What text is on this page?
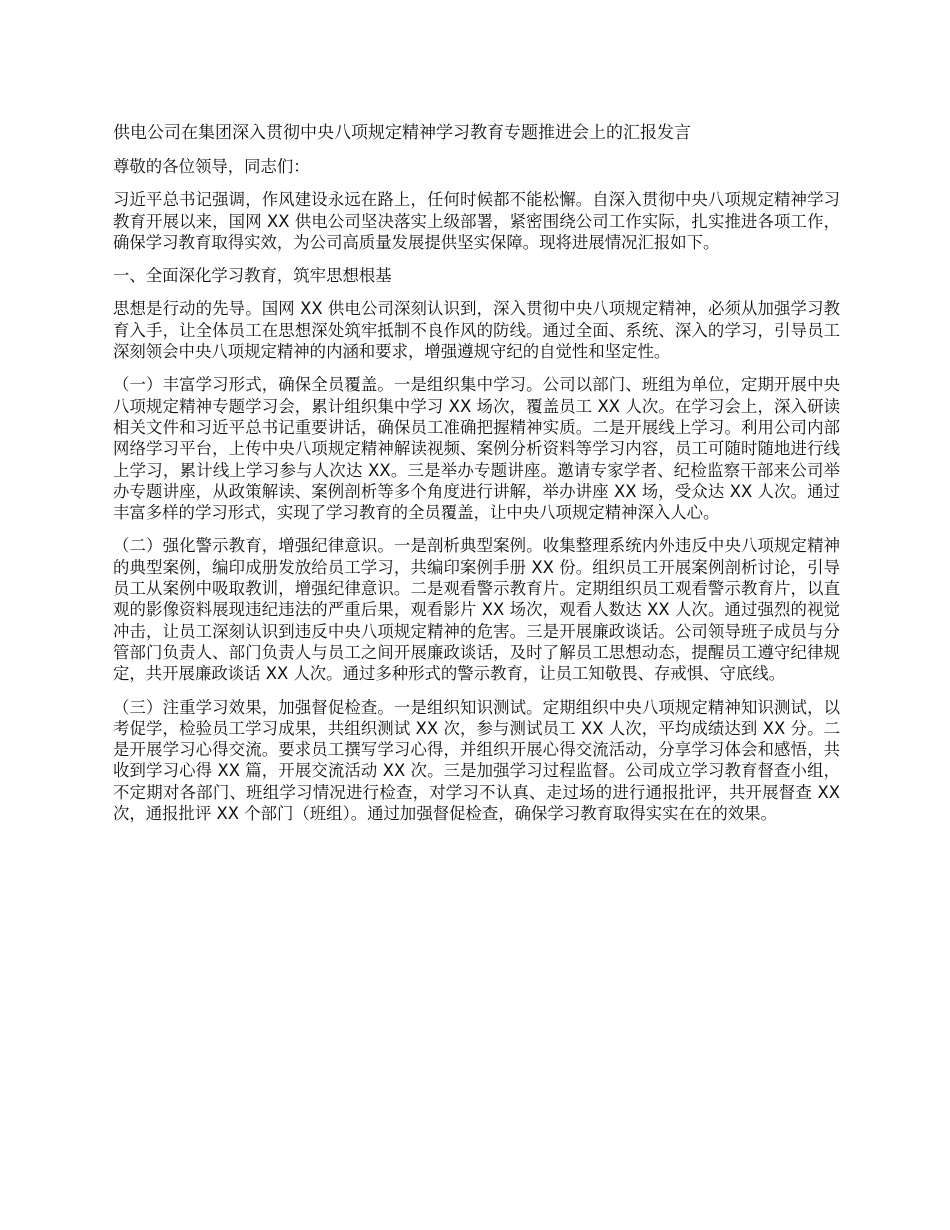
供电公司在集团深入贯彻中央八项规定精神学习教育专题推进会上的汇报发言

尊敬的各位领导，同志们：

习近平总书记强调，作风建设永远在路上，任何时候都不能松懈。自深入贯彻中央八项规定精神学习教育开展以来，国网 XX 供电公司坚决落实上级部署，紧密围绕公司工作实际，扎实推进各项工作，确保学习教育取得实效，为公司高质量发展提供坚实保障。现将进展情况汇报如下。

一、全面深化学习教育，筑牢思想根基

思想是行动的先导。国网 XX 供电公司深刻认识到，深入贯彻中央八项规定精神，必须从加强学习教育入手，让全体员工在思想深处筑牢抵制不良作风的防线。通过全面、系统、深入的学习，引导员工深刻领会中央八项规定精神的内涵和要求，增强遵规守纪的自觉性和坚定性。

（一）丰富学习形式，确保全员覆盖。一是组织集中学习。公司以部门、班组为单位，定期开展中央八项规定精神专题学习会，累计组织集中学习 XX 场次，覆盖员工 XX 人次。在学习会上，深入研读相关文件和习近平总书记重要讲话，确保员工准确把握精神实质。二是开展线上学习。利用公司内部网络学习平台，上传中央八项规定精神解读视频、案例分析资料等学习内容，员工可随时随地进行线上学习，累计线上学习参与人次达 XX。三是举办专题讲座。邀请专家学者、纪检监察干部来公司举办专题讲座，从政策解读、案例剖析等多个角度进行讲解，举办讲座 XX 场，受众达 XX 人次。通过丰富多样的学习形式，实现了学习教育的全员覆盖，让中央八项规定精神深入人心。

（二）强化警示教育，增强纪律意识。一是剖析典型案例。收集整理系统内外违反中央八项规定精神的典型案例，编印成册发放给员工学习，共编印案例手册 XX 份。组织员工开展案例剖析讨论，引导员工从案例中吸取教训，增强纪律意识。二是观看警示教育片。定期组织员工观看警示教育片，以直观的影像资料展现违纪违法的严重后果，观看影片 XX 场次，观看人数达 XX 人次。通过强烈的视觉冲击，让员工深刻认识到违反中央八项规定精神的危害。三是开展廉政谈话。公司领导班子成员与分管部门负责人、部门负责人与员工之间开展廉政谈话，及时了解员工思想动态，提醒员工遵守纪律规定，共开展廉政谈话 XX 人次。通过多种形式的警示教育，让员工知敬畏、存戒惧、守底线。

（三）注重学习效果，加强督促检查。一是组织知识测试。定期组织中央八项规定精神知识测试，以考促学，检验员工学习成果，共组织测试 XX 次，参与测试员工 XX 人次，平均成绩达到 XX 分。二是开展学习心得交流。要求员工撰写学习心得，并组织开展心得交流活动，分享学习体会和感悟，共收到学习心得 XX 篇，开展交流活动 XX 次。三是加强学习过程监督。公司成立学习教育督查小组，不定期对各部门、班组学习情况进行检查，对学习不认真、走过场的进行通报批评，共开展督查 XX 次，通报批评 XX 个部门（班组）。通过加强督促检查，确保学习教育取得实实在在的效果。
